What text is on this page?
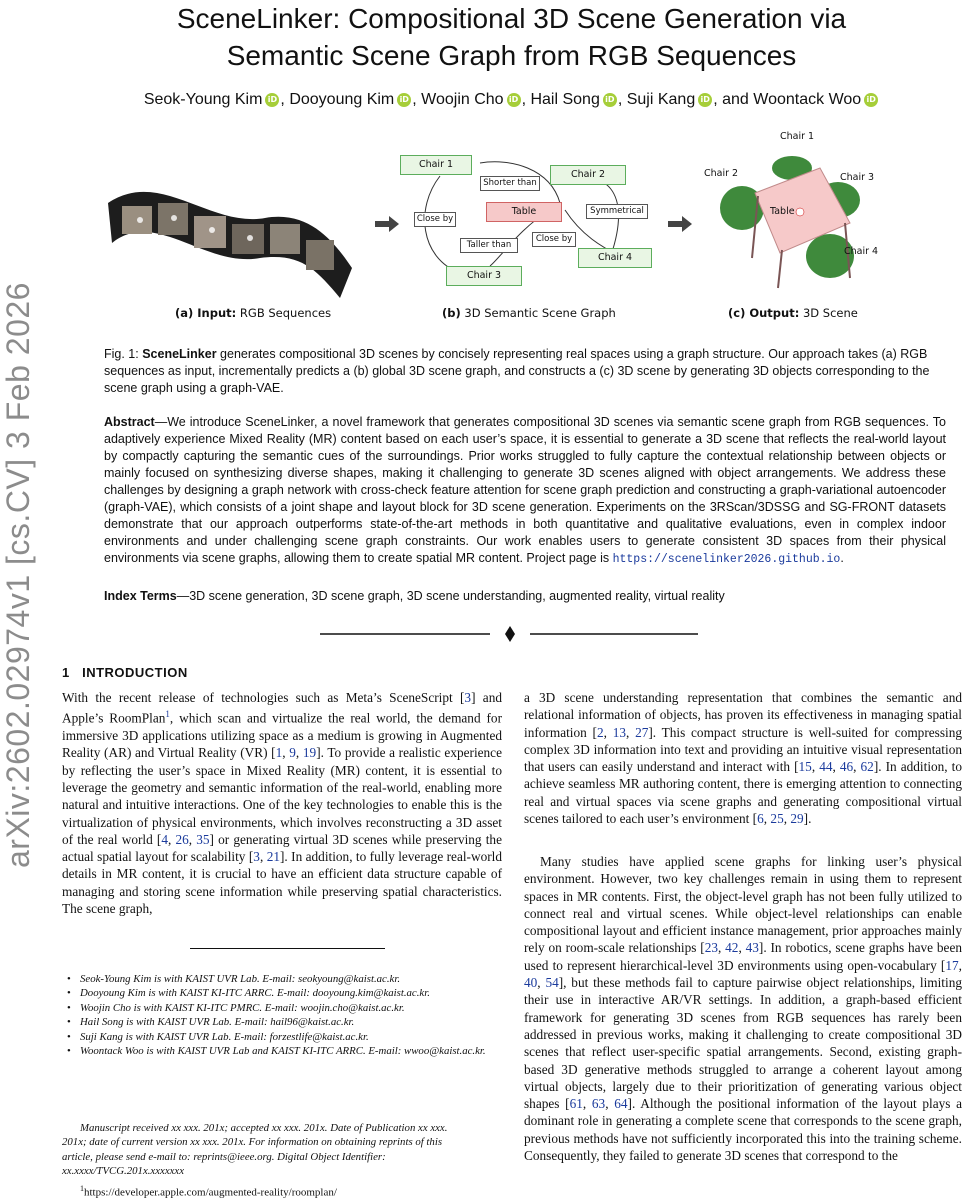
arXiv:2602.02974v1 [cs.CV] 3 Feb 2026
SceneLinker: Compositional 3D Scene Generation via
Semantic Scene Graph from RGB Sequences
Seok-Young Kim iD , Dooyoung Kim iD , Woojin Cho iD , Hail Song iD , Suji Kang iD , and Woontack Woo iD
Chair 1
Chair 2
Table
Chair 3
Chair 4
Shorter than
Close by
Symmetrical
Taller than
Close by
Chair 1
Chair 2	Chair 3
Table
Chair 4
(a) Input: RGB Sequences	(b) 3D Semantic Scene Graph	(c) Output: 3D Scene
Fig. 1: SceneLinker generates compositional 3D scenes by concisely representing real spaces using a graph structure. Our approach takes (a) RGB sequences as input, incrementally predicts a (b) global 3D scene graph, and constructs a (c) 3D scene by generating 3D objects corresponding to the scene graph using a graph-VAE.
Abstract—We introduce SceneLinker, a novel framework that generates compositional 3D scenes via semantic scene graph from RGB sequences. To adaptively experience Mixed Reality (MR) content based on each user’s space, it is essential to generate a 3D scene that reflects the real-world layout by compactly capturing the semantic cues of the surroundings. Prior works struggled to fully capture the contextual relationship between objects or mainly focused on synthesizing diverse shapes, making it challenging to generate 3D scenes aligned with object arrangements. We address these challenges by designing a graph network with cross-check feature attention for scene graph prediction and constructing a graph-variational autoencoder (graph-VAE), which consists of a joint shape and layout block for 3D scene generation. Experiments on the 3RScan/3DSSG and SG-FRONT datasets demonstrate that our approach outperforms state-of-the-art methods in both quantitative and qualitative evaluations, even in complex indoor environments and under challenging scene graph constraints. Our work enables users to generate consistent 3D spaces from their physical environments via scene graphs, allowing them to create spatial MR content. Project page is https://scenelinker2026.github.io.
Index Terms—3D scene generation, 3D scene graph, 3D scene understanding, augmented reality, virtual reality
1 INTRODUCTION
With the recent release of technologies such as Meta’s SceneScript [3] and Apple’s RoomPlan$^1$, which scan and virtualize the real world, the demand for immersive 3D applications utilizing space as a medium is growing in Augmented Reality (AR) and Virtual Reality (VR) [1, 9, 19]. To provide a realistic experience by reflecting the user’s space in Mixed Reality (MR) content, it is essential to leverage the geometry and semantic information of the real-world, enabling more natural and intuitive interactions. One of the key technologies to enable this is the virtualization of physical environments, which involves reconstructing a 3D asset of the real world [4, 26, 35] or generating virtual 3D scenes while preserving the actual spatial layout for scalability [3, 21]. In addition, to fully leverage real-world details in MR content, it is crucial to have an efficient data structure capable of managing and storing scene information while preserving spatial characteristics. The scene graph,
• Seok-Young Kim is with KAIST UVR Lab. E-mail: seokyoung@kaist.ac.kr.
• Dooyoung Kim is with KAIST KI-ITC ARRC. E-mail: dooyoung.kim@kaist.ac.kr.
• Woojin Cho is with KAIST KI-ITC PMRC. E-mail: woojin.cho@kaist.ac.kr.
• Hail Song is with KAIST UVR Lab. E-mail: hail96@kaist.ac.kr.
• Suji Kang is with KAIST UVR Lab. E-mail: forzestlife@kaist.ac.kr.
• Woontack Woo is with KAIST UVR Lab and KAIST KI-ITC ARRC. E-mail: wwoo@kaist.ac.kr.
Manuscript received xx xxx. 201x; accepted xx xxx. 201x. Date of Publication xx xxx. 201x; date of current version xx xxx. 201x. For information on obtaining reprints of this article, please send e-mail to: reprints@ieee.org. Digital Object Identifier: xx.xxxx/TVCG.201x.xxxxxxx
$^1$https://developer.apple.com/augmented-reality/roomplan/
a 3D scene understanding representation that combines the semantic and relational information of objects, has proven its effectiveness in managing spatial information [2, 13, 27]. This compact structure is well-suited for compressing complex 3D information into text and providing an intuitive visual representation that users can easily understand and interact with [15, 44, 46, 62]. In addition, to achieve seamless MR authoring content, there is emerging attention to connecting real and virtual spaces via scene graphs and generating compositional virtual scenes tailored to each user’s environment [6, 25, 29].
Many studies have applied scene graphs for linking user’s physical environment. However, two key challenges remain in using them to represent spaces in MR contents. First, the object-level graph has not been fully utilized to connect real and virtual scenes. While object-level relationships can enable compositional layout and efficient instance management, prior approaches mainly rely on room-scale relationships [23, 42, 43]. In robotics, scene graphs have been used to represent hierarchical-level 3D environments using open-vocabulary [17, 40, 54], but these methods fail to capture pairwise object relationships, limiting their use in interactive AR/VR settings. In addition, a graph-based efficient framework for generating 3D scenes from RGB sequences has rarely been addressed in previous works, making it challenging to create compositional 3D scenes that reflect user-specific spatial arrangements. Second, existing graph-based 3D generative methods struggled to arrange a coherent layout among virtual objects, largely due to their prioritization of generating various object shapes [61, 63, 64]. Although the positional information of the layout plays a dominant role in generating a complete scene that corresponds to the scene graph, previous methods have not sufficiently incorporated this into the training scheme. Consequently, they failed to generate 3D scenes that correspond to the
